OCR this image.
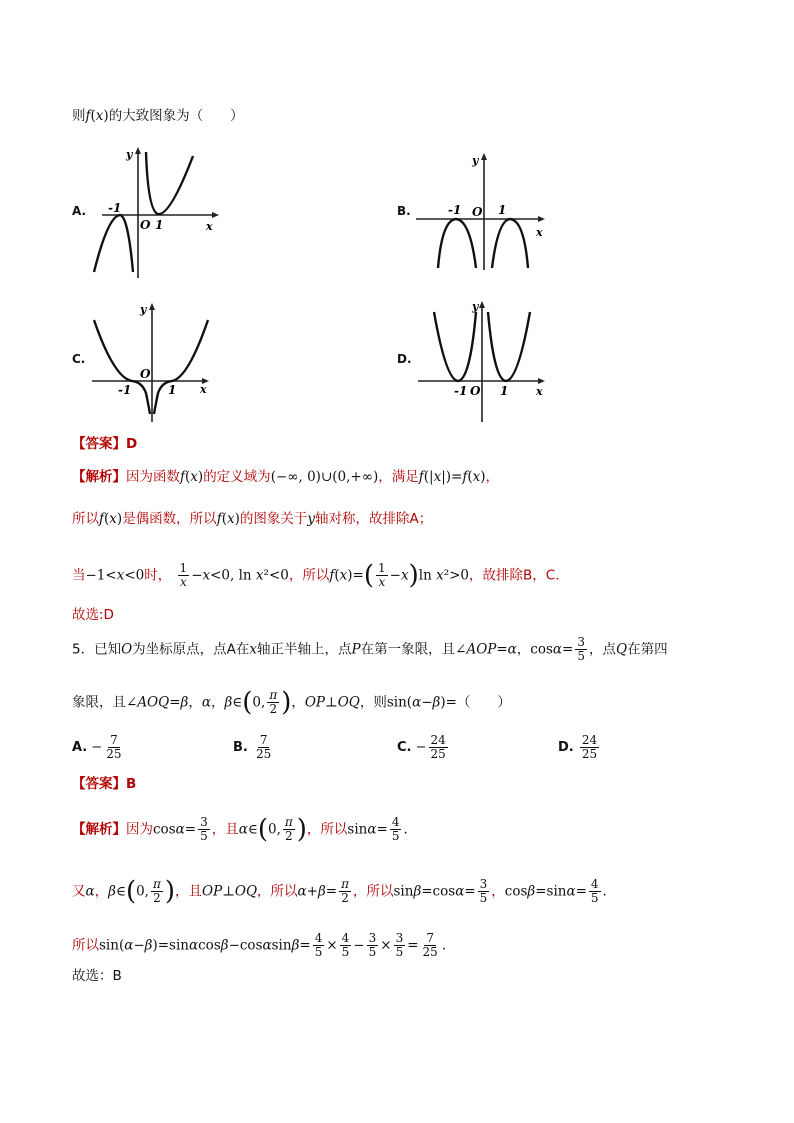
则f(x)的大致图象为（　　）
A.
y
x
-1
O 1
B.
y
x
-1 O 1
C.
y
x
-1
O
1
D.
y
x
-1 O 1
【答案】D
【解析】因为函数f(x)的定义域为(−∞, 0)∪(0,+∞)，满足f(|x|)=f(x)，
所以f(x)是偶函数，所以f(x)的图象关于y轴对称，故排除A；
当−1<x<0时， $\frac{1}{x} -x<0$, ln x²<0，所以$f(x)=( \frac{1}{x} -x)\ln$ x²>0，故排除B，C.
故选:D
5．已知O为坐标原点，点A在x轴正半轴上，点P在第一象限，且∠AOP=α，$\cos\alpha= \frac{3}{5}$ ，点Q在第四
象限，且∠AOQ=β，α，β∈(0, $\frac{\pi}{2}$ )，OP⊥OQ，则sin(α−β)=（　　）
A. − $\frac{7}{25}$	B. $\frac{7}{25}$	C. − $\frac{24}{25}$	D. $\frac{24}{25}$
【答案】B
【解析】因为$\cos\alpha= \frac{3}{5}$ ，且α∈(0, $\frac{\pi}{2}$ )，所以$\sin\alpha= \frac{4}{5}$ .
又α，β∈(0, $\frac{\pi}{2}$ )，且OP⊥OQ，所以$\alpha+\beta= \frac{\pi}{2}$ ，所以$\sin\beta=\cos\alpha= \frac{3}{5}$ ，$\cos\beta=\sin\alpha= \frac{4}{5}$ .
所以$\sin(\alpha-\beta)=\sin\alpha\cos\beta-\cos\alpha\sin\beta= \frac{4}{5} \times \frac{4}{5} - \frac{3}{5} \times \frac{3}{5} = \frac{7}{25}$ .
故选：B
